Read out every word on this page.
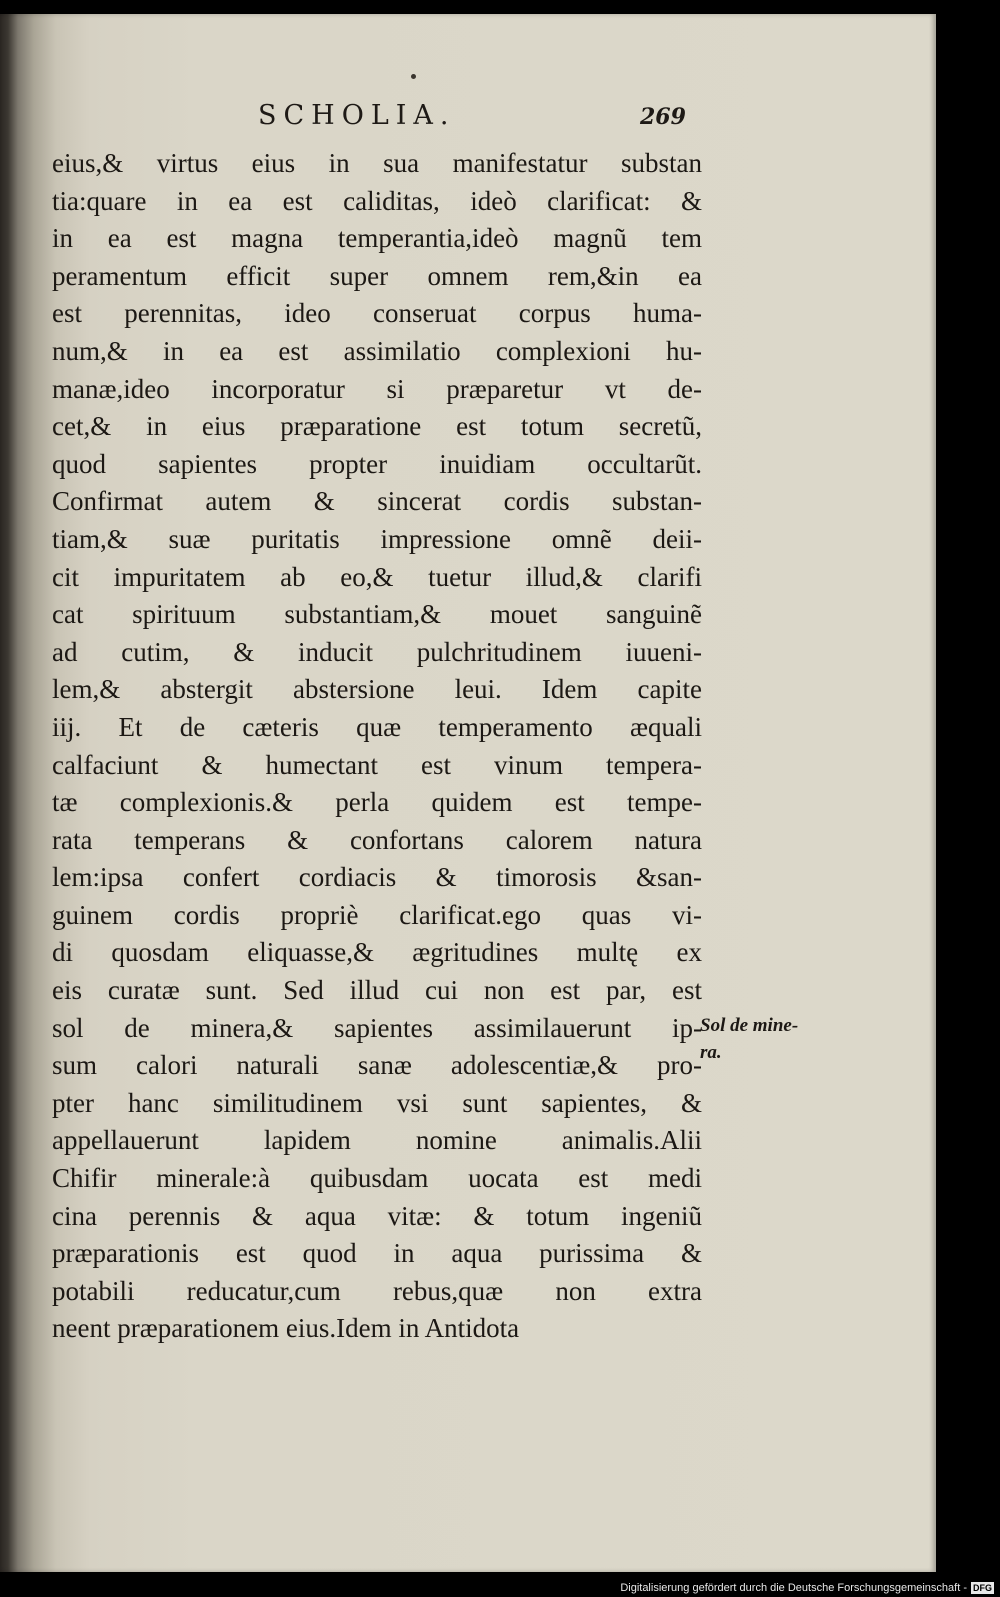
SCHOLIA.	269
eius,& virtus eius in sua manifestatur substan
tia:quare in ea est caliditas, ideò clarificat: &
in ea est magna temperantia,ideò magnũ tem
peramentum efficit super omnem rem,&in ea
est perennitas, ideo conseruat corpus huma-
num,& in ea est assimilatio complexioni hu-
manæ,ideo incorporatur si præparetur vt de-
cet,& in eius præparatione est totum secretũ,
quod sapientes propter inuidiam occultarũt.
Confirmat autem & sincerat cordis substan-
tiam,& suæ puritatis impressione omnẽ deii-
cit impuritatem ab eo,& tuetur illud,& clarifi
cat spirituum substantiam,& mouet sanguinẽ
ad cutim, & inducit pulchritudinem iuueni-
lem,& abstergit abstersione leui. Idem capite
iij. Et de cæteris quæ temperamento æquali
calfaciunt & humectant est vinum tempera-
tæ complexionis.& perla quidem est tempe-
rata temperans & confortans calorem natura
lem:ipsa confert cordiacis & timorosis &san-
guinem cordis propriè clarificat.ego quas vi-
di quosdam eliquasse,& ægritudines multę ex
eis curatæ sunt. Sed illud cui non est par, est
sol de minera,& sapientes assimilauerunt ip-
sum calori naturali sanæ adolescentiæ,& pro-
pter hanc similitudinem vsi sunt sapientes, &
appellauerunt lapidem nomine animalis.Alii
Chifir minerale:à quibusdam uocata est medi
cina perennis & aqua vitæ: & totum ingeniũ
præparationis est quod in aqua purissima &
potabili reducatur,cum rebus,quæ non extra
neent præparationem eius.Idem in Antidota
Sol de mine-
ra.
Digitalisierung gefördert durch die Deutsche Forschungsgemeinschaft - DFG
